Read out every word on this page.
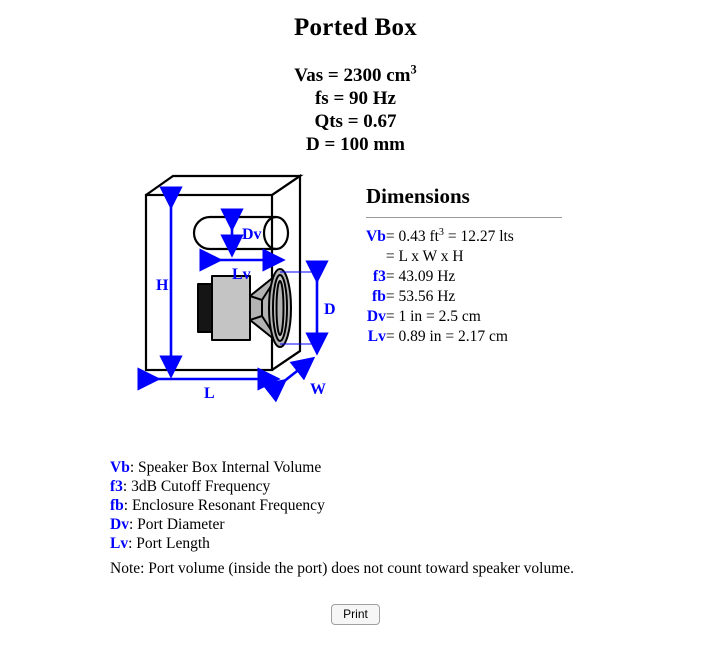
Ported Box
Vas = 2300 $cm^3$
fs = 90 Hz
Qts = 0.67
D = 100 mm
H
L	W
D
Dv
Lv
Dimensions
Vb	= 0.43 $ft^3 = 12.27$ lts
	= L x W x H
f3	= 43.09 Hz
fb	= 53.56 Hz
Dv	= 1 in = 2.5 cm
Lv	= 0.89 in = 2.17 cm
Vb: Speaker Box Internal Volume
f3: 3dB Cutoff Frequency
fb: Enclosure Resonant Frequency
Dv: Port Diameter
Lv: Port Length
Note: Port volume (inside the port) does not count toward speaker volume.
Print
